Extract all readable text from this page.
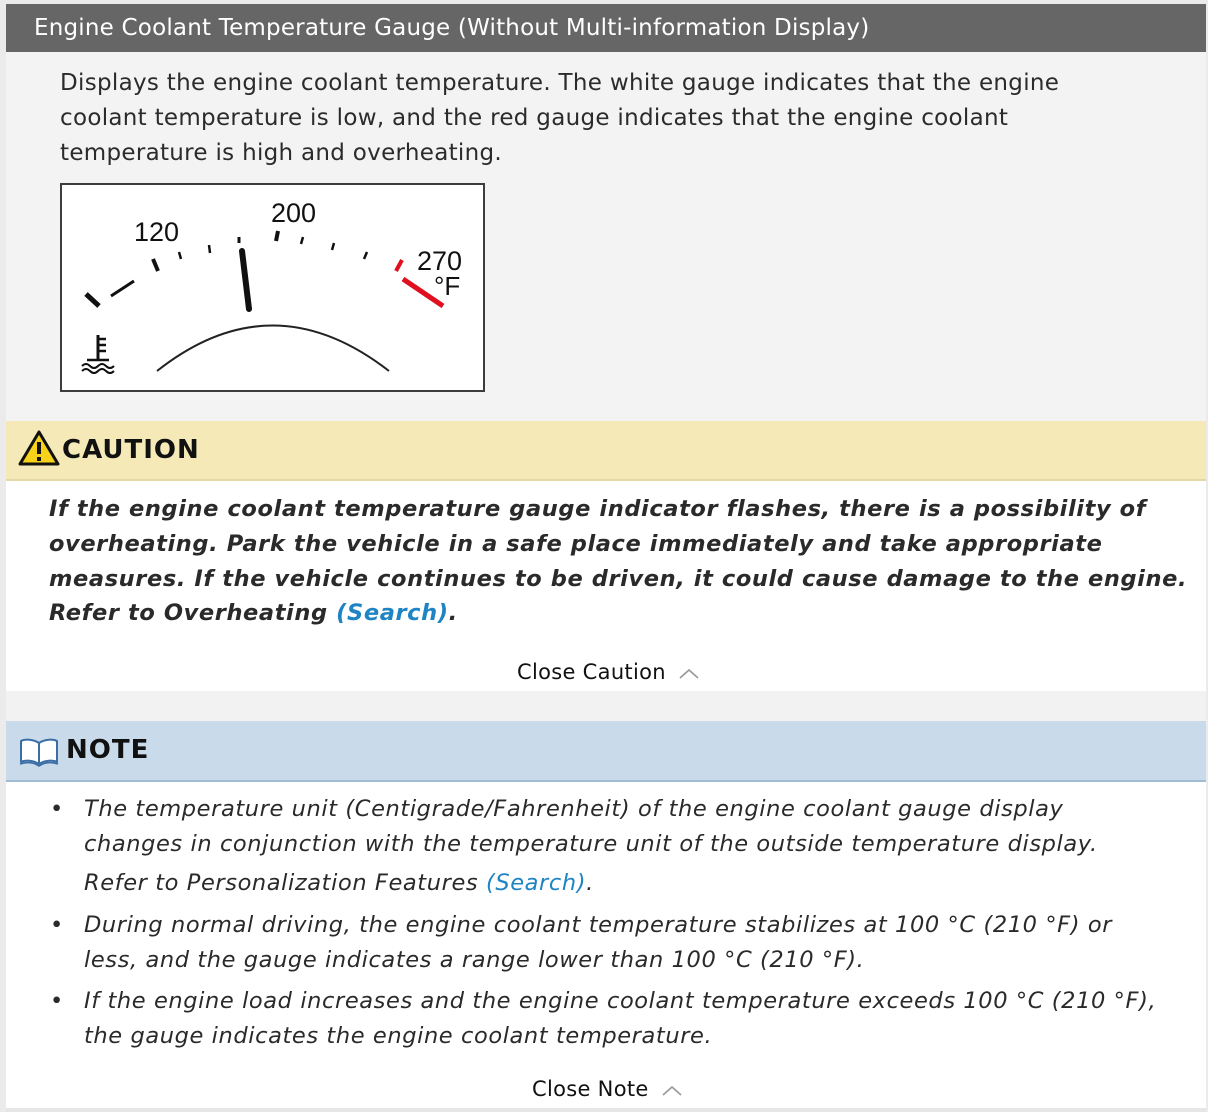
Engine Coolant Temperature Gauge (Without Multi-information Display)

Displays the engine coolant temperature. The white gauge indicates that the engine coolant temperature is low, and the red gauge indicates that the engine coolant temperature is high and overheating.

120
200
270
°F
CAUTION

If the engine coolant temperature gauge indicator flashes, there is a possibility of overheating. Park the vehicle in a safe place immediately and take appropriate measures. If the vehicle continues to be driven, it could cause damage to the engine.

Refer to Overheating (Search).

Close Caution
NOTE
• The temperature unit (Centigrade/Fahrenheit) of the engine coolant gauge display changes in conjunction with the temperature unit of the outside temperature display.
Refer to Personalization Features (Search).
• During normal driving, the engine coolant temperature stabilizes at 100 °C (210 °F) or less, and the gauge indicates a range lower than 100 °C (210 °F).
• If the engine load increases and the engine coolant temperature exceeds 100 °C (210 °F), the gauge indicates the engine coolant temperature.
Close Note
